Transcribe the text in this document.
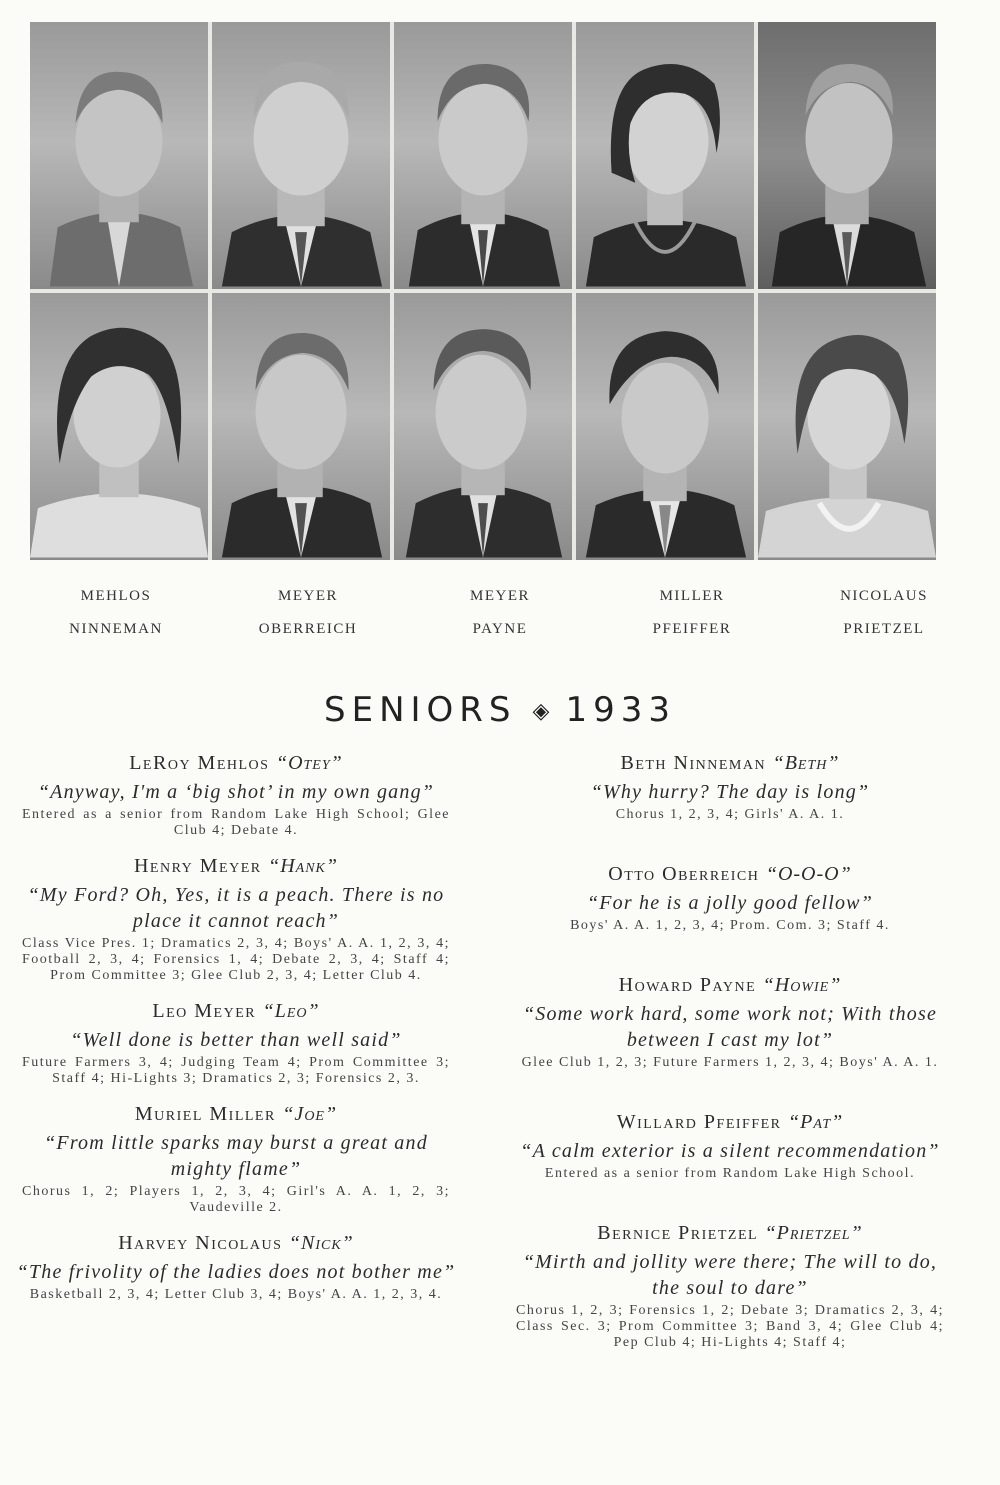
MEHLOS	MEYER	MEYER	MILLER	NICOLAUS
NINNEMAN	OBERREICH	PAYNE	PFEIFFER	PRIETZEL
SENIORS ◈ 1933
LeRoy Mehlos “Otey”
“Anyway, I'm a ‘big shot’ in my own gang”
Entered as a senior from Random Lake High School; Glee Club 4; Debate 4.
Henry Meyer “Hank”
“My Ford? Oh, Yes, it is a peach. There is no place it cannot reach”
Class Vice Pres. 1; Dramatics 2, 3, 4; Boys' A. A. 1, 2, 3, 4; Football 2, 3, 4; Forensics 1, 4; Debate 2, 3, 4; Staff 4; Prom Committee 3; Glee Club 2, 3, 4; Letter Club 4.
Leo Meyer “Leo”
“Well done is better than well said”
Future Farmers 3, 4; Judging Team 4; Prom Committee 3; Staff 4; Hi-Lights 3; Dramatics 2, 3; Forensics 2, 3.
Muriel Miller “Joe”
“From little sparks may burst a great and mighty flame”
Chorus 1, 2; Players 1, 2, 3, 4; Girl's A. A. 1, 2, 3; Vaudeville 2.
Harvey Nicolaus “Nick”
“The frivolity of the ladies does not bother me”
Basketball 2, 3, 4; Letter Club 3, 4; Boys' A. A. 1, 2, 3, 4.
Beth Ninneman “Beth”
“Why hurry? The day is long”
Chorus 1, 2, 3, 4; Girls' A. A. 1.
Otto Oberreich “O-O-O”
“For he is a jolly good fellow”
Boys' A. A. 1, 2, 3, 4; Prom. Com. 3; Staff 4.
Howard Payne “Howie”
“Some work hard, some work not; With those between I cast my lot”
Glee Club 1, 2, 3; Future Farmers 1, 2, 3, 4; Boys' A. A. 1.
Willard Pfeiffer “Pat”
“A calm exterior is a silent recommendation”
Entered as a senior from Random Lake High School.
Bernice Prietzel “Prietzel”
“Mirth and jollity were there; The will to do, the soul to dare”
Chorus 1, 2, 3; Forensics 1, 2; Debate 3; Dramatics 2, 3, 4; Class Sec. 3; Prom Committee 3; Band 3, 4; Glee Club 4; Pep Club 4; Hi-Lights 4; Staff 4;
